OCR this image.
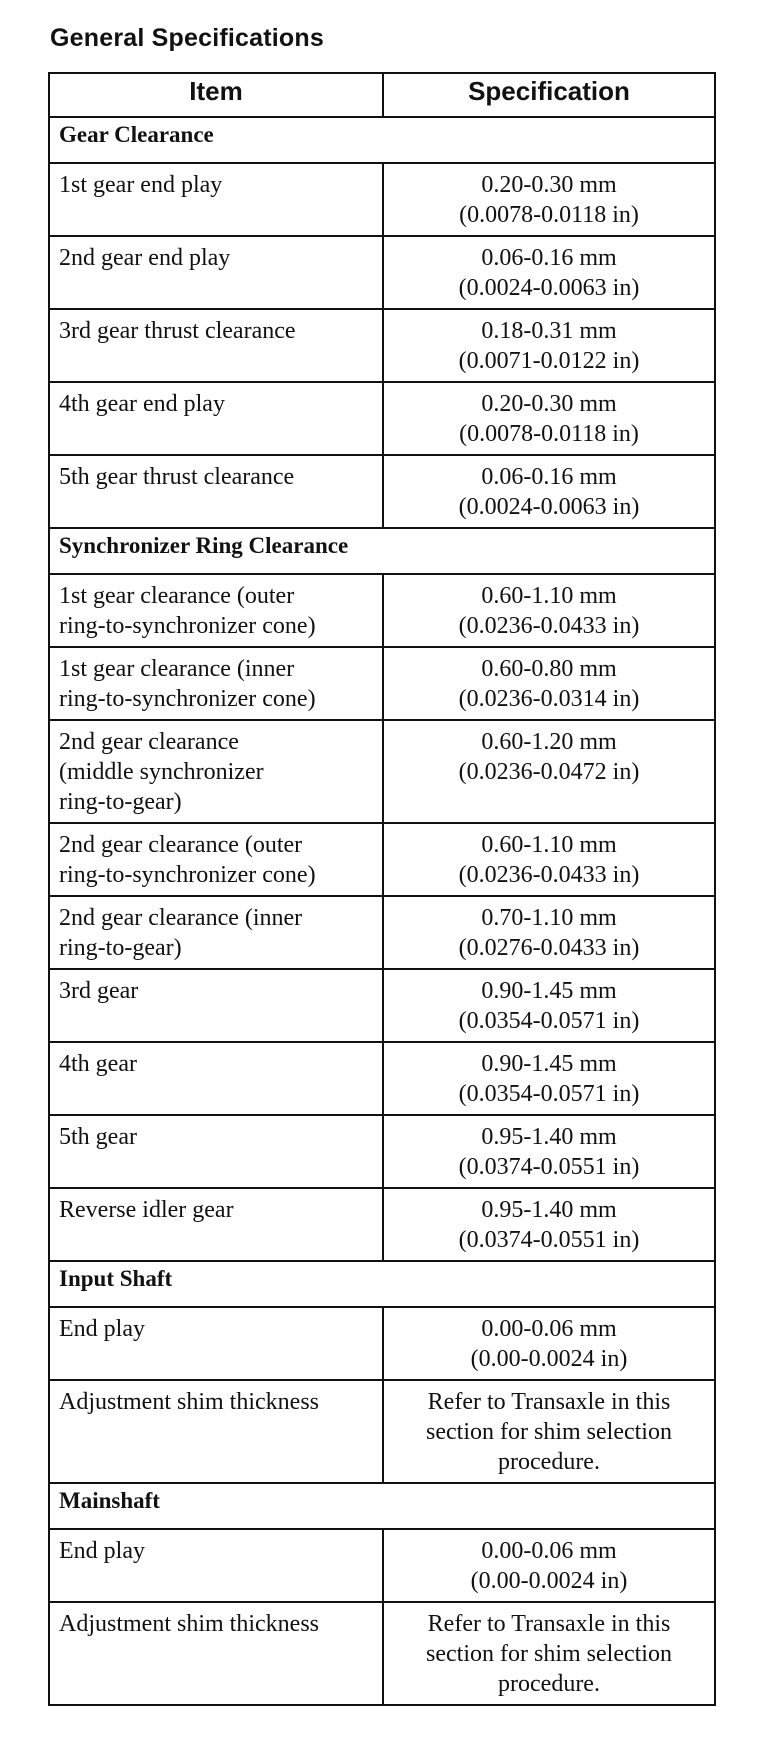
General Specifications
Item	Specification
Gear Clearance	

1st gear end play	0.20-0.30 mm
(0.0078-0.0118 in)

2nd gear end play	0.06-0.16 mm
(0.0024-0.0063 in)

3rd gear thrust clearance	0.18-0.31 mm
(0.0071-0.0122 in)

4th gear end play	0.20-0.30 mm
(0.0078-0.0118 in)

5th gear thrust clearance	0.06-0.16 mm
(0.0024-0.0063 in)

Synchronizer Ring Clearance	

1st gear clearance (outer
ring-to-synchronizer cone)	0.60-1.10 mm
(0.0236-0.0433 in)

1st gear clearance (inner
ring-to-synchronizer cone)	0.60-0.80 mm
(0.0236-0.0314 in)

2nd gear clearance
(middle synchronizer
ring-to-gear)	0.60-1.20 mm
(0.0236-0.0472 in)

2nd gear clearance (outer
ring-to-synchronizer cone)	0.60-1.10 mm
(0.0236-0.0433 in)

2nd gear clearance (inner
ring-to-gear)	0.70-1.10 mm
(0.0276-0.0433 in)

3rd gear	0.90-1.45 mm
(0.0354-0.0571 in)

4th gear	0.90-1.45 mm
(0.0354-0.0571 in)

5th gear	0.95-1.40 mm
(0.0374-0.0551 in)

Reverse idler gear	0.95-1.40 mm
(0.0374-0.0551 in)

Input Shaft	

End play	0.00-0.06 mm
(0.00-0.0024 in)

Adjustment shim thickness	Refer to Transaxle in this
section for shim selection
procedure.

Mainshaft	

End play	0.00-0.06 mm
(0.00-0.0024 in)

Adjustment shim thickness	Refer to Transaxle in this
section for shim selection
procedure.
